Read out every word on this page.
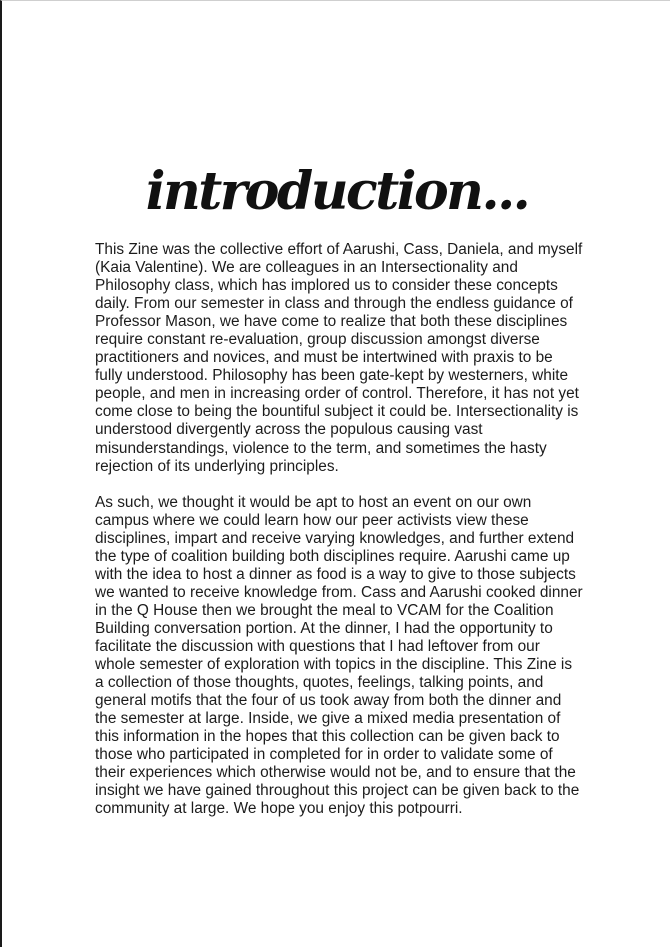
introduction...

This Zine was the collective effort of Aarushi, Cass, Daniela, and myself (Kaia Valentine). We are colleagues in an Intersectionality and Philosophy class, which has implored us to consider these concepts daily. From our semester in class and through the endless guidance of Professor Mason, we have come to realize that both these disciplines require constant re-evaluation, group discussion amongst diverse practitioners and novices, and must be intertwined with praxis to be fully understood. Philosophy has been gate-kept by westerners, white people, and men in increasing order of control. Therefore, it has not yet come close to being the bountiful subject it could be. Intersectionality is understood divergently across the populous causing vast misunderstandings, violence to the term, and sometimes the hasty rejection of its underlying principles.

As such, we thought it would be apt to host an event on our own campus where we could learn how our peer activists view these disciplines, impart and receive varying knowledges, and further extend the type of coalition building both disciplines require. Aarushi came up with the idea to host a dinner as food is a way to give to those subjects we wanted to receive knowledge from. Cass and Aarushi cooked dinner in the Q House then we brought the meal to VCAM for the Coalition Building conversation portion. At the dinner, I had the opportunity to facilitate the discussion with questions that I had leftover from our whole semester of exploration with topics in the discipline. This Zine is a collection of those thoughts, quotes, feelings, talking points, and general motifs that the four of us took away from both the dinner and the semester at large. Inside, we give a mixed media presentation of this information in the hopes that this collection can be given back to those who participated in completed for in order to validate some of their experiences which otherwise would not be, and to ensure that the insight we have gained throughout this project can be given back to the community at large. We hope you enjoy this potpourri.
